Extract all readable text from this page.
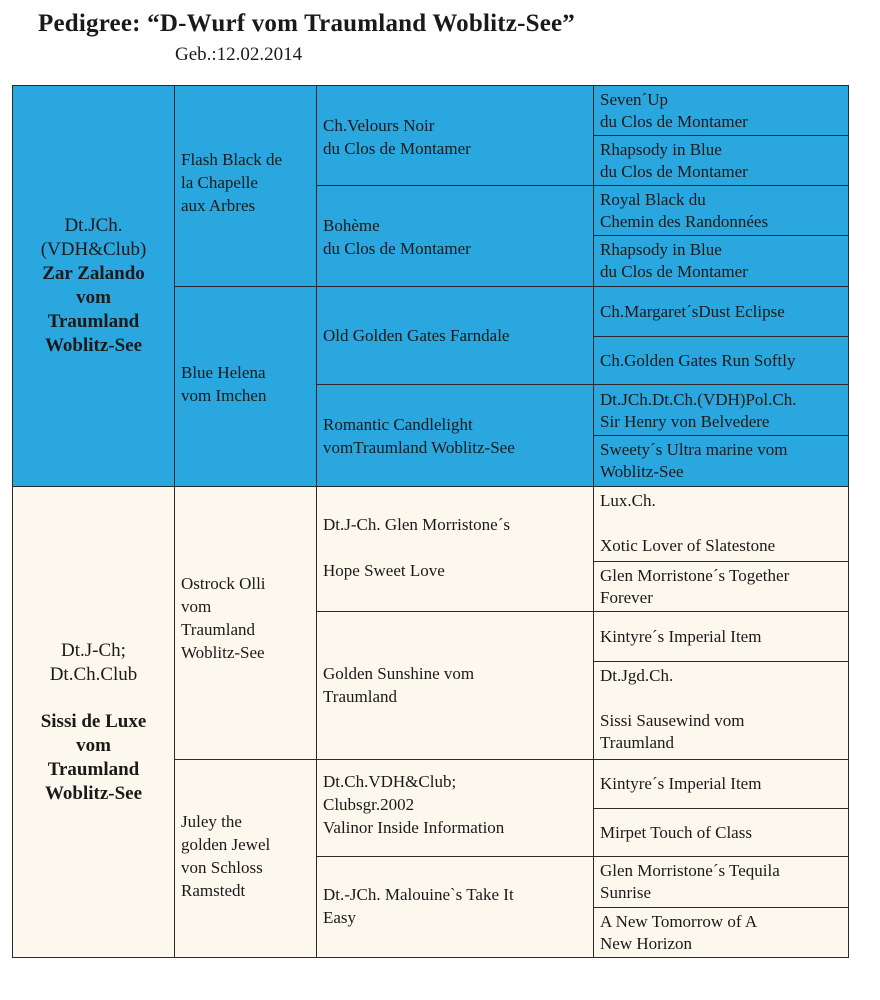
Pedigree: “D-Wurf vom Traumland Woblitz-See”
Geb.:12.02.2014
Dt.JCh.
(VDH&Club)
Zar Zalando
vom
Traumland
Woblitz-See
Flash Black de
la Chapelle
aux Arbres
Blue Helena
vom Imchen
Ch.Velours Noir
du Clos de Montamer
Bohème
du Clos de Montamer
Old Golden Gates Farndale
Romantic Candlelight
vomTraumland Woblitz-See
Seven´Up
du Clos de Montamer
Rhapsody in Blue
du Clos de Montamer
Royal Black du
Chemin des Randonnées
Rhapsody in Blue
du Clos de Montamer
Ch.Margaret´sDust Eclipse
Ch.Golden Gates Run Softly
Dt.JCh.Dt.Ch.(VDH)Pol.Ch.
Sir Henry von Belvedere
Sweety´s Ultra marine vom
Woblitz-See
Dt.J-Ch;
Dt.Ch.Club
Sissi de Luxe
vom
Traumland
Woblitz-See
Ostrock Olli
vom
Traumland
Woblitz-See
Juley the
golden Jewel
von Schloss
Ramstedt
Dt.J-Ch. Glen Morristone´s
Hope Sweet Love
Golden Sunshine vom
Traumland
Dt.Ch.VDH&Club;
Clubsgr.2002
Valinor Inside Information
Dt.-JCh. Malouine`s Take It
Easy
Lux.Ch.
Xotic Lover of Slatestone
Glen Morristone´s Together
Forever
Kintyre´s Imperial Item
Dt.Jgd.Ch.
Sissi Sausewind vom
Traumland
Kintyre´s Imperial Item
Mirpet Touch of Class
Glen Morristone´s Tequila
Sunrise
A New Tomorrow of A
New Horizon
